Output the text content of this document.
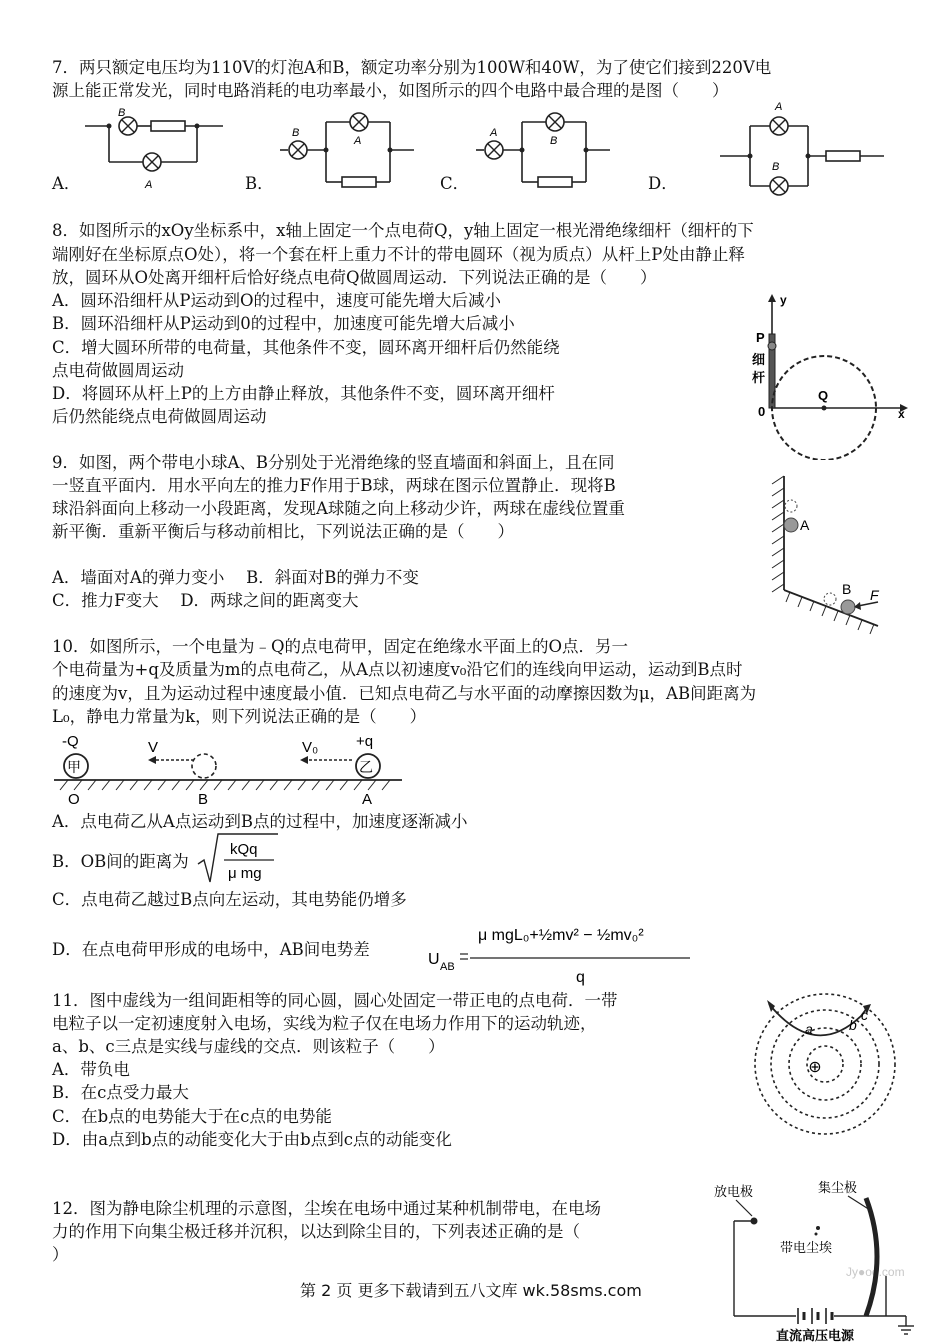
7．两只额定电压均为110V的灯泡A和B，额定功率分别为100W和40W，为了使它们接到220V电
源上能正常发光，同时电路消耗的电功率最小，如图所示的四个电路中最合理的是图（　　）
A．	B．	C．	D．
B
A
B
A
A
B
A
B
8．如图所示的xOy坐标系中，x轴上固定一个点电荷Q，y轴上固定一根光滑绝缘细杆（细杆的下
端刚好在坐标原点O处），将一个套在杆上重力不计的带电圆环（视为质点）从杆上P处由静止释
放，圆环从O处离开细杆后恰好绕点电荷Q做圆周运动．下列说法正确的是（　　）
A．圆环沿细杆从P运动到O的过程中，速度可能先增大后减小
B．圆环沿细杆从P运动到0的过程中，加速度可能先增大后减小
C．增大圆环所带的电荷量，其他条件不变，圆环离开细杆后仍然能绕
点电荷做圆周运动
D．将圆环从杆上P的上方由静止释放，其他条件不变，圆环离开细杆
后仍然能绕点电荷做圆周运动
y
P
细
杆
0
Q
x
9．如图，两个带电小球A、B分别处于光滑绝缘的竖直墙面和斜面上，且在同
一竖直平面内．用水平向左的推力F作用于B球，两球在图示位置静止．现将B
球沿斜面向上移动一小段距离，发现A球随之向上移动少许，两球在虚线位置重
新平衡．重新平衡后与移动前相比，下列说法正确的是（　　）
A．墙面对A的弹力变小　 B．斜面对B的弹力不变
C．推力F变大　 D．两球之间的距离变大
A
B F
10．如图所示，一个电量为﹣Q的点电荷甲，固定在绝缘水平面上的O点．另一
个电荷量为+q及质量为m的点电荷乙，从A点以初速度v₀沿它们的连线向甲运动，运动到B点时
的速度为v，且为运动过程中速度最小值．已知点电荷乙与水平面的动摩擦因数为μ，AB间距离为
L₀，静电力常量为k，则下列说法正确的是（　　）
-Q	+q
甲	乙
V	V₀
O	B	A
A．点电荷乙从A点运动到B点的过程中，加速度逐渐减小
B．OB间的距离为
kQq
μ mg
C．点电荷乙越过B点向左运动，其电势能仍增多
D．在点电荷甲形成的电场中，AB间电势差
U AB
μ mgL₀+½mv² − ½mv₀²
q
11．图中虚线为一组间距相等的同心圆，圆心处固定一带正电的点电荷．一带
电粒子以一定初速度射入电场，实线为粒子仅在电场力作用下的运动轨迹，
a、b、c三点是实线与虚线的交点．则该粒子（　　）
A．带负电
B．在c点受力最大
C．在b点的电势能大于在c点的电势能
D．由a点到b点的动能变化大于由b点到c点的动能变化
⊕
a	b
c
12．图为静电除尘机理的示意图，尘埃在电场中通过某种机制带电，在电场
力的作用下向集尘极迁移并沉积，以达到除尘目的，下列表述正确的是（
）
放电极	集尘极
带电尘埃
直流高压电源
Jy●oo.com
第 2 页 更多下载请到五八文库 wk.58sms.com
